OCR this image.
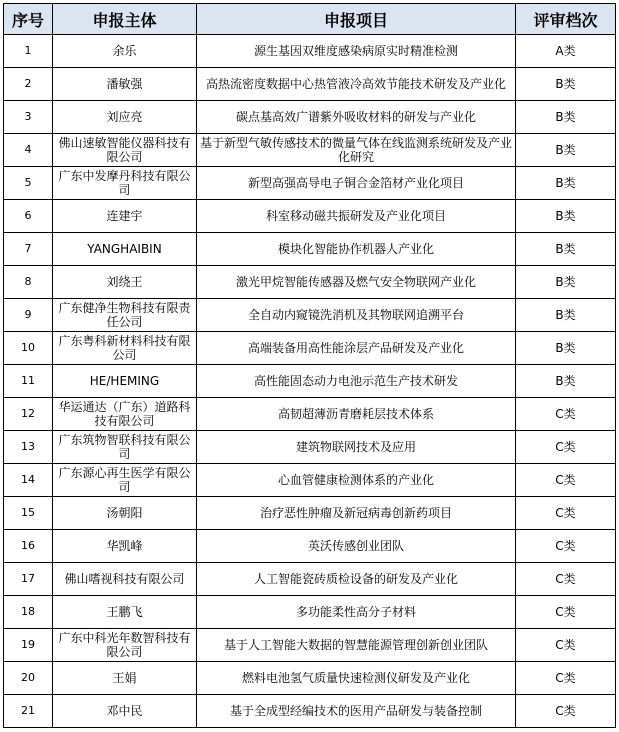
序号	申报主体	申报项目	评审档次
1	余乐	源生基因双维度感染病原实时精准检测	A类
2	潘敏强	高热流密度数据中心热管液冷高效节能技术研发及产业化	B类
3	刘应亮	碳点基高效广谱紫外吸收材料的研发与产业化	B类
4	佛山速敏智能仪器科技有限公司	基于新型气敏传感技术的微量气体在线监测系统研发及产业化研究	B类
5	广东中发摩丹科技有限公司	新型高强高导电子铜合金箔材产业化项目	B类
6	连建宇	科室移动磁共振研发及产业化项目	B类
7	YANGHAIBIN	模块化智能协作机器人产业化	B类
8	刘绕王	激光甲烷智能传感器及燃气安全物联网产业化	B类
9	广东健净生物科技有限责任公司	全自动内窥镜洗消机及其物联网追溯平台	B类
10	广东粤科新材料科技有限公司	高端装备用高性能涂层产品研发及产业化	B类
11	HE/HEMING	高性能固态动力电池示范生产技术研发	B类
12	华运通达（广东）道路科技有限公司	高韧超薄沥青磨耗层技术体系	C类
13	广东筑物智联科技有限公司	建筑物联网技术及应用	C类
14	广东源心再生医学有限公司	心血管健康检测体系的产业化	C类
15	汤朝阳	治疗恶性肿瘤及新冠病毒创新药项目	C类
16	华凯峰	英沃传感创业团队	C类
17	佛山嗜视科技有限公司	人工智能瓷砖质检设备的研发及产业化	C类
18	王鹏飞	多功能柔性高分子材料	C类
19	广东中科光年数智科技有限公司	基于人工智能大数据的智慧能源管理创新创业团队	C类
20	王娟	燃料电池氢气质量快速检测仪研发及产业化	C类
21	邓中民	基于全成型经编技术的医用产品研发与装备控制	C类
